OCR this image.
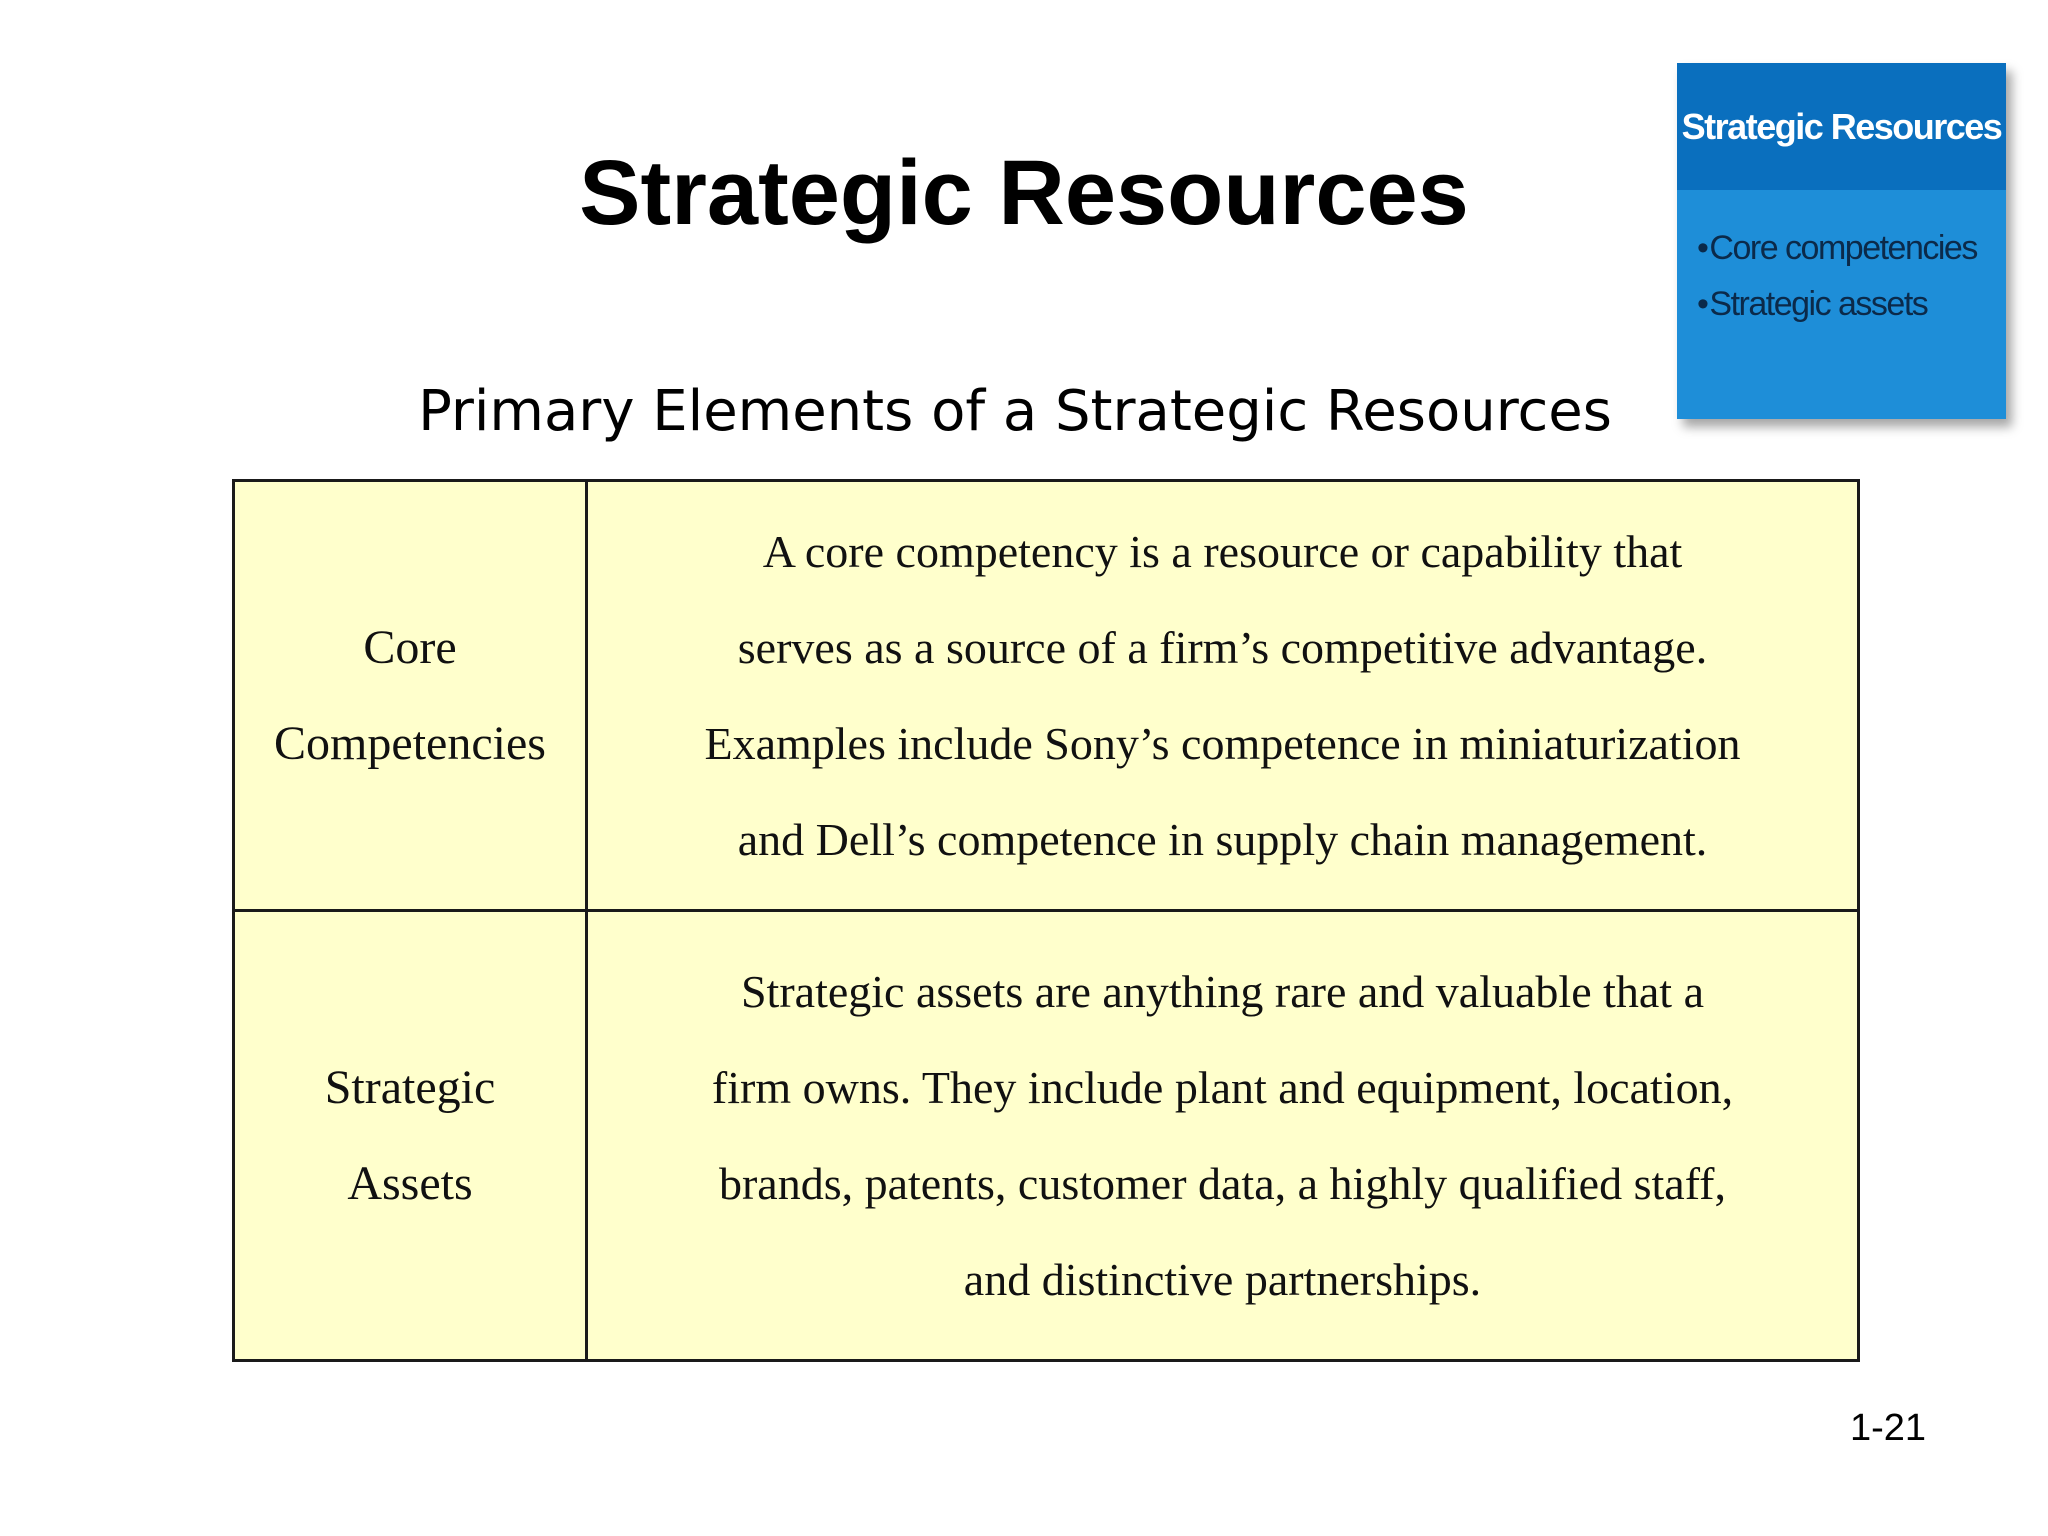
Strategic Resources
Strategic Resources
• Core competencies
• Strategic assets
Primary Elements of a Strategic Resources
Core
Competencies	A core competency is a resource or capability that
serves as a source of a firm’s competitive advantage.
Examples include Sony’s competence in miniaturization
and Dell’s competence in supply chain management.

Strategic
Assets	Strategic assets are anything rare and valuable that a
firm owns. They include plant and equipment, location,
brands, patents, customer data, a highly qualified staff,
and distinctive partnerships.
1-21
